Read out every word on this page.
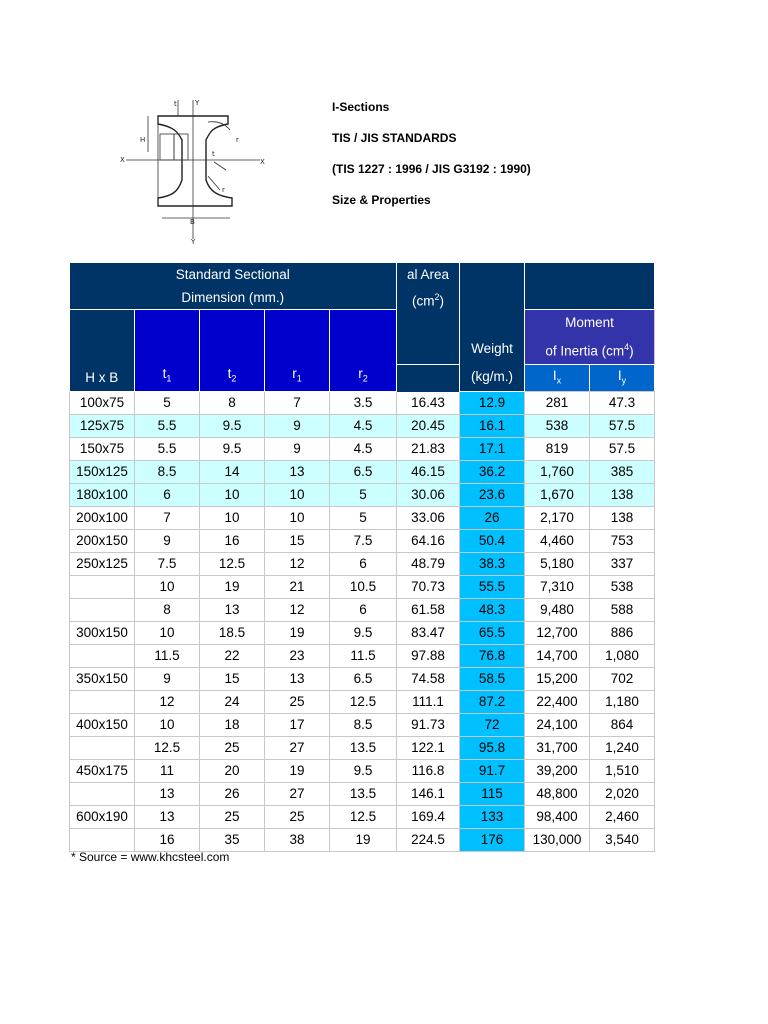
t	Y
Y
X	X
H
B
t
r
r
I-Sections
TIS / JIS STANDARDS
(TIS 1227 : 1996 / JIS G3192 : 1990)
Size & Properties
Standard Sectional
Dimension (mm.)					al Area
$(cm^2)$	Weight
(kg/m.)		

H x B	$t_1$	$t_2$	$r_1$	$r_2$			Moment
of Inertia $(cm^4)$	

							$I_x$	$I_y$
100x75	5	8	7	3.5	16.43	12.9	281	47.3
125x75	5.5	9.5	9	4.5	20.45	16.1	538	57.5
150x75	5.5	9.5	9	4.5	21.83	17.1	819	57.5
150x125	8.5	14	13	6.5	46.15	36.2	1,760	385
180x100	6	10	10	5	30.06	23.6	1,670	138
200x100	7	10	10	5	33.06	26	2,170	138
200x150	9	16	15	7.5	64.16	50.4	4,460	753
250x125	7.5	12.5	12	6	48.79	38.3	5,180	337
	10	19	21	10.5	70.73	55.5	7,310	538
	8	13	12	6	61.58	48.3	9,480	588
300x150	10	18.5	19	9.5	83.47	65.5	12,700	886
	11.5	22	23	11.5	97.88	76.8	14,700	1,080
350x150	9	15	13	6.5	74.58	58.5	15,200	702
	12	24	25	12.5	111.1	87.2	22,400	1,180
400x150	10	18	17	8.5	91.73	72	24,100	864
	12.5	25	27	13.5	122.1	95.8	31,700	1,240
450x175	11	20	19	9.5	116.8	91.7	39,200	1,510
	13	26	27	13.5	146.1	115	48,800	2,020
600x190	13	25	25	12.5	169.4	133	98,400	2,460
	16	35	38	19	224.5	176	130,000	3,540
* Source = www.khcsteel.com
